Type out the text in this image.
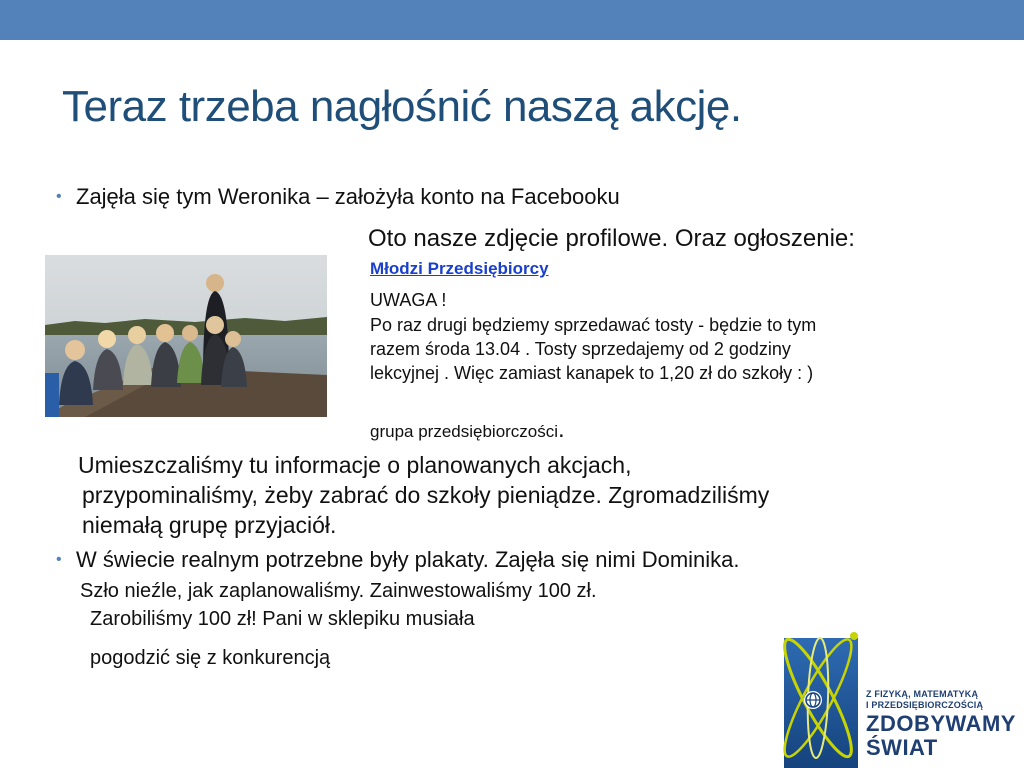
Teraz trzeba nagłośnić naszą akcję.
• Zajęła się tym Weronika – założyła konto na Facebooku
Oto nasze zdjęcie profilowe. Oraz ogłoszenie:
Młodzi Przedsiębiorcy
UWAGA !
Po raz drugi będziemy sprzedawać tosty - będzie to tym
razem środa 13.04 . Tosty sprzedajemy od 2 godziny
lekcyjnej . Więc zamiast kanapek to 1,20 zł do szkoły : )
grupa przedsiębiorczości.
Umieszczaliśmy tu informacje o planowanych akcjach,
przypominaliśmy, żeby zabrać do szkoły pieniądze. Zgromadziliśmy
niemałą grupę przyjaciół.
• W świecie realnym potrzebne były plakaty. Zajęła się nimi Dominika.
Szło nieźle, jak zaplanowaliśmy. Zainwestowaliśmy 100 zł.
Zarobiliśmy 100 zł! Pani w sklepiku musiała
pogodzić się z konkurencją
Z FIZYKĄ, MATEMATYKĄ
I PRZEDSIĘBIORCZOŚCIĄ
ZDOBYWAMY
ŚWIAT
